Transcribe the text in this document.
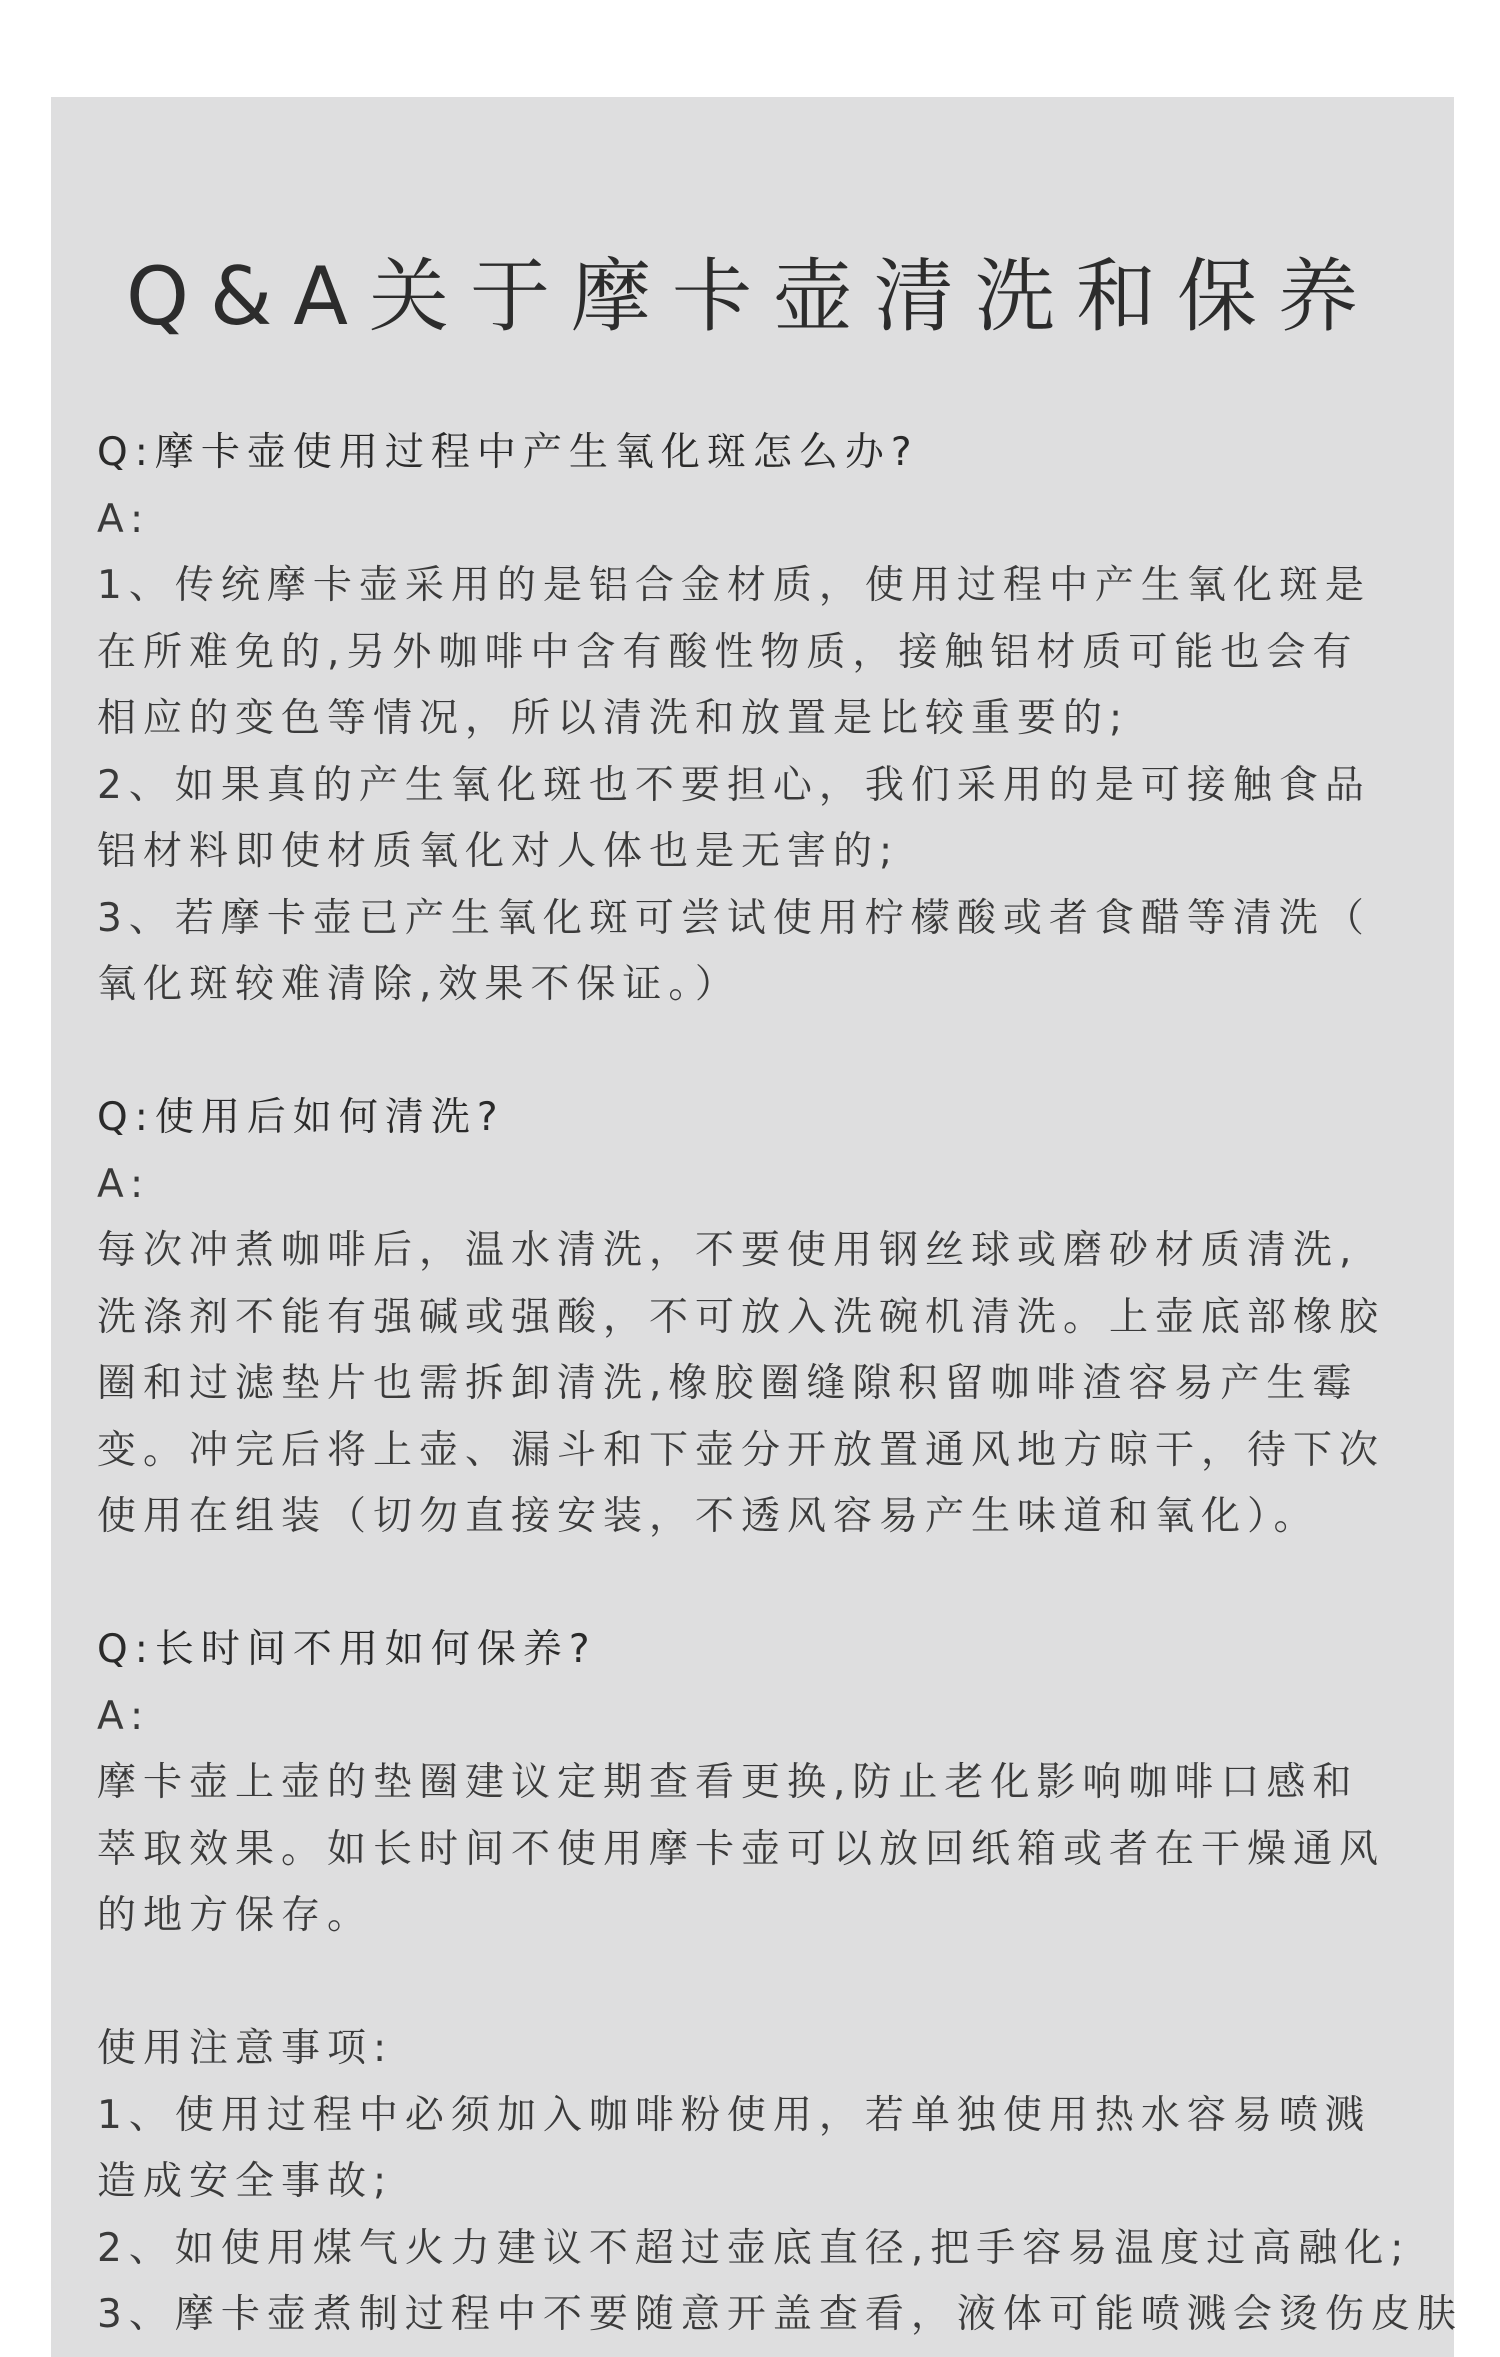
Q&A关于摩卡壶清洗和保养
Q:摩卡壶使用过程中产生氧化斑怎么办?
A:
1、传统摩卡壶采用的是铝合金材质，使用过程中产生氧化斑是
在所难免的,另外咖啡中含有酸性物质，接触铝材质可能也会有
相应的变色等情况，所以清洗和放置是比较重要的;
2、如果真的产生氧化斑也不要担心，我们采用的是可接触食品
铝材料即使材质氧化对人体也是无害的;
3、若摩卡壶已产生氧化斑可尝试使用柠檬酸或者食醋等清洗（
氧化斑较难清除,效果不保证。）
Q:使用后如何清洗?
A:
每次冲煮咖啡后，温水清洗，不要使用钢丝球或磨砂材质清洗,
洗涤剂不能有强碱或强酸，不可放入洗碗机清洗。上壶底部橡胶
圈和过滤垫片也需拆卸清洗,橡胶圈缝隙积留咖啡渣容易产生霉
变。冲完后将上壶、漏斗和下壶分开放置通风地方晾干，待下次
使用在组装（切勿直接安装，不透风容易产生味道和氧化）。
Q:长时间不用如何保养?
A:
摩卡壶上壶的垫圈建议定期查看更换,防止老化影响咖啡口感和
萃取效果。如长时间不使用摩卡壶可以放回纸箱或者在干燥通风
的地方保存。
使用注意事项:
1、使用过程中必须加入咖啡粉使用，若单独使用热水容易喷溅
造成安全事故;
2、如使用煤气火力建议不超过壶底直径,把手容易温度过高融化;
3、摩卡壶煮制过程中不要随意开盖查看，液体可能喷溅会烫伤皮肤
